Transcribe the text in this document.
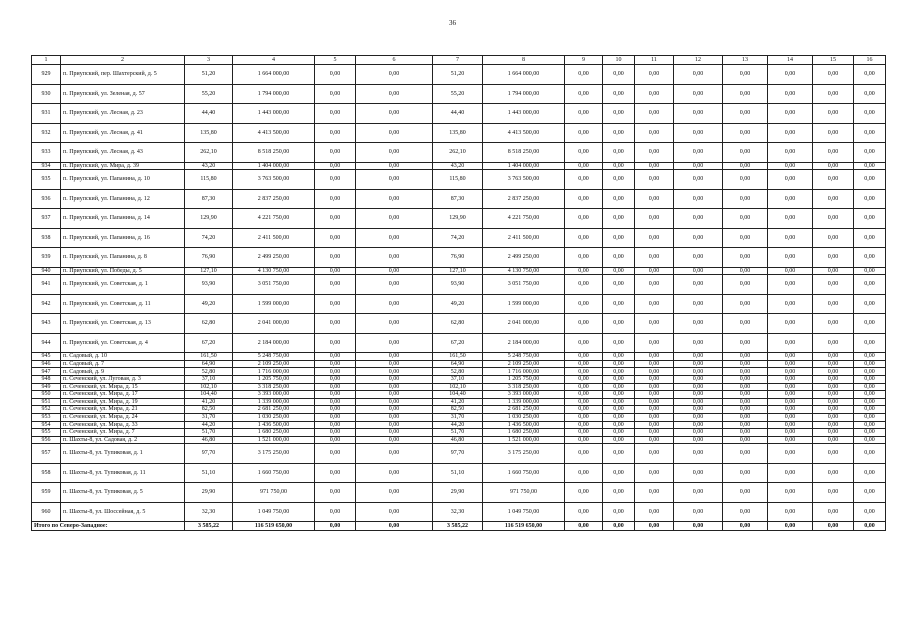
36
1	2	3	4	5	6	7	8	9	10	11	12	13	14	15	16
929	п. Приупский, пер. Шахтерский, д. 5	51,20	1 664 000,00	0,00	0,00	51,20	1 664 000,00	0,00	0,00	0,00	0,00	0,00	0,00	0,00	0,00
930	п. Приупский, ул. Зеленая, д. 57	55,20	1 794 000,00	0,00	0,00	55,20	1 794 000,00	0,00	0,00	0,00	0,00	0,00	0,00	0,00	0,00
931	п. Приупский, ул. Лесная, д. 23	44,40	1 443 000,00	0,00	0,00	44,40	1 443 000,00	0,00	0,00	0,00	0,00	0,00	0,00	0,00	0,00
932	п. Приупский, ул. Лесная, д. 41	135,80	4 413 500,00	0,00	0,00	135,80	4 413 500,00	0,00	0,00	0,00	0,00	0,00	0,00	0,00	0,00
933	п. Приупский, ул. Лесная, д. 43	262,10	8 518 250,00	0,00	0,00	262,10	8 518 250,00	0,00	0,00	0,00	0,00	0,00	0,00	0,00	0,00
934	п. Приупский, ул. Мира, д. 39	43,20	1 404 000,00	0,00	0,00	43,20	1 404 000,00	0,00	0,00	0,00	0,00	0,00	0,00	0,00	0,00
935	п. Приупский, ул. Папанина, д. 10	115,80	3 763 500,00	0,00	0,00	115,80	3 763 500,00	0,00	0,00	0,00	0,00	0,00	0,00	0,00	0,00
936	п. Приупский, ул. Папанина, д. 12	87,30	2 837 250,00	0,00	0,00	87,30	2 837 250,00	0,00	0,00	0,00	0,00	0,00	0,00	0,00	0,00
937	п. Приупский, ул. Папанина, д. 14	129,90	4 221 750,00	0,00	0,00	129,90	4 221 750,00	0,00	0,00	0,00	0,00	0,00	0,00	0,00	0,00
938	п. Приупский, ул. Папанина, д. 16	74,20	2 411 500,00	0,00	0,00	74,20	2 411 500,00	0,00	0,00	0,00	0,00	0,00	0,00	0,00	0,00
939	п. Приупский, ул. Папанина, д. 8	76,90	2 499 250,00	0,00	0,00	76,90	2 499 250,00	0,00	0,00	0,00	0,00	0,00	0,00	0,00	0,00
940	п. Приупский, ул. Победы, д. 5	127,10	4 130 750,00	0,00	0,00	127,10	4 130 750,00	0,00	0,00	0,00	0,00	0,00	0,00	0,00	0,00
941	п. Приупский, ул. Советская, д. 1	93,90	3 051 750,00	0,00	0,00	93,90	3 051 750,00	0,00	0,00	0,00	0,00	0,00	0,00	0,00	0,00
942	п. Приупский, ул. Советская, д. 11	49,20	1 599 000,00	0,00	0,00	49,20	1 599 000,00	0,00	0,00	0,00	0,00	0,00	0,00	0,00	0,00
943	п. Приупский, ул. Советская, д. 13	62,80	2 041 000,00	0,00	0,00	62,80	2 041 000,00	0,00	0,00	0,00	0,00	0,00	0,00	0,00	0,00
944	п. Приупский, ул. Советская, д. 4	67,20	2 184 000,00	0,00	0,00	67,20	2 184 000,00	0,00	0,00	0,00	0,00	0,00	0,00	0,00	0,00
945	п. Садовый, д. 10	161,50	5 248 750,00	0,00	0,00	161,50	5 248 750,00	0,00	0,00	0,00	0,00	0,00	0,00	0,00	0,00
946	п. Садовый, д. 7	64,90	2 109 250,00	0,00	0,00	64,90	2 109 250,00	0,00	0,00	0,00	0,00	0,00	0,00	0,00	0,00
947	п. Садовый, д. 9	52,80	1 716 000,00	0,00	0,00	52,80	1 716 000,00	0,00	0,00	0,00	0,00	0,00	0,00	0,00	0,00
948	п. Сеченский, ул. Луговая, д. 3	37,10	1 205 750,00	0,00	0,00	37,10	1 205 750,00	0,00	0,00	0,00	0,00	0,00	0,00	0,00	0,00
949	п. Сеченский, ул. Мира, д. 15	102,10	3 318 250,00	0,00	0,00	102,10	3 318 250,00	0,00	0,00	0,00	0,00	0,00	0,00	0,00	0,00
950	п. Сеченский, ул. Мира, д. 17	104,40	3 393 000,00	0,00	0,00	104,40	3 393 000,00	0,00	0,00	0,00	0,00	0,00	0,00	0,00	0,00
951	п. Сеченский, ул. Мира, д. 19	41,20	1 339 000,00	0,00	0,00	41,20	1 339 000,00	0,00	0,00	0,00	0,00	0,00	0,00	0,00	0,00
952	п. Сеченский, ул. Мира, д. 21	82,50	2 681 250,00	0,00	0,00	82,50	2 681 250,00	0,00	0,00	0,00	0,00	0,00	0,00	0,00	0,00
953	п. Сеченский, ул. Мира, д. 24	31,70	1 030 250,00	0,00	0,00	31,70	1 030 250,00	0,00	0,00	0,00	0,00	0,00	0,00	0,00	0,00
954	п. Сеченский, ул. Мира, д. 33	44,20	1 436 500,00	0,00	0,00	44,20	1 436 500,00	0,00	0,00	0,00	0,00	0,00	0,00	0,00	0,00
955	п. Сеченский, ул. Мира, д. 7	51,70	1 680 250,00	0,00	0,00	51,70	1 680 250,00	0,00	0,00	0,00	0,00	0,00	0,00	0,00	0,00
956	п. Шахты-8, ул. Садовая, д. 2	46,80	1 521 000,00	0,00	0,00	46,80	1 521 000,00	0,00	0,00	0,00	0,00	0,00	0,00	0,00	0,00
957	п. Шахты-8, ул. Тупиковая, д. 1	97,70	3 175 250,00	0,00	0,00	97,70	3 175 250,00	0,00	0,00	0,00	0,00	0,00	0,00	0,00	0,00
958	п. Шахты-8, ул. Тупиковая, д. 11	51,10	1 660 750,00	0,00	0,00	51,10	1 660 750,00	0,00	0,00	0,00	0,00	0,00	0,00	0,00	0,00
959	п. Шахты-8, ул. Тупиковая, д. 5	29,90	971 750,00	0,00	0,00	29,90	971 750,00	0,00	0,00	0,00	0,00	0,00	0,00	0,00	0,00
960	п. Шахты-8, ул. Шоссейная, д. 5	32,30	1 049 750,00	0,00	0,00	32,30	1 049 750,00	0,00	0,00	0,00	0,00	0,00	0,00	0,00	0,00
Итого по Северо-Западное:		3 585,22	116 519 650,00	0,00	0,00	3 585,22	116 519 650,00	0,00	0,00	0,00	0,00	0,00	0,00	0,00	0,00
